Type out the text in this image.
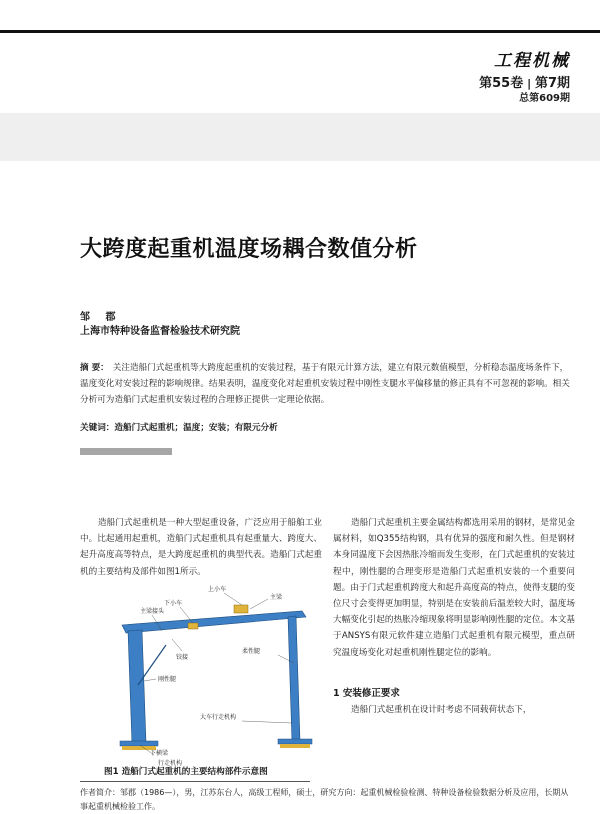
工程机械
第55卷 | 第7期
总第609期
大跨度起重机温度场耦合数值分析
邹 郡
上海市特种设备监督检验技术研究院
摘 要： 关注造船门式起重机等大跨度起重机的安装过程，基于有限元计算方法，建立有限元数值模型，分析稳态温度场条件下，温度变化对安装过程的影响规律。结果表明，温度变化对起重机安装过程中刚性支腿水平偏移量的修正具有不可忽视的影响。相关分析可为造船门式起重机安装过程的合理修正提供一定理论依据。
关键词：造船门式起重机；温度；安装；有限元分析
造船门式起重机是一种大型起重设备，广泛应用于船舶工业中。比起通用起重机，造船门式起重机具有起重量大、跨度大、起升高度高等特点，是大跨度起重机的典型代表。造船门式起重机的主要结构及部件如图1所示。
造船门式起重机主要金属结构都选用采用的钢材，是常见金属材料，如Q355结构钢，具有优异的强度和耐久性。但是钢材本身同温度下会因热胀冷缩而发生变形，在门式起重机的安装过程中，刚性腿的合理变形是造船门式起重机安装的一个重要问题。由于门式起重机跨度大和起升高度高的特点，使得支腿的变位尺寸会变得更加明显，特别是在安装前后温差较大时，温度场大幅变化引起的热胀冷缩现象将明显影响刚性腿的定位。本文基于ANSYS有限元软件建立造船门式起重机有限元模型，重点研究温度场变化对起重机刚性腿定位的影响。
1 安装修正要求
造船门式起重机在设计时考虑不同载荷状态下，
上小车
主梁
下小车
主梁接头
铰接
刚性腿
柔性腿
大车行走机构
下横梁
行走机构
图1 造船门式起重机的主要结构部件示意图
作者简介：邹郡（1986—），男，江苏东台人，高级工程师，硕士，研究方向：起重机械检验检测、特种设备检验数据分析及应用，长期从事起重机械检验工作。
